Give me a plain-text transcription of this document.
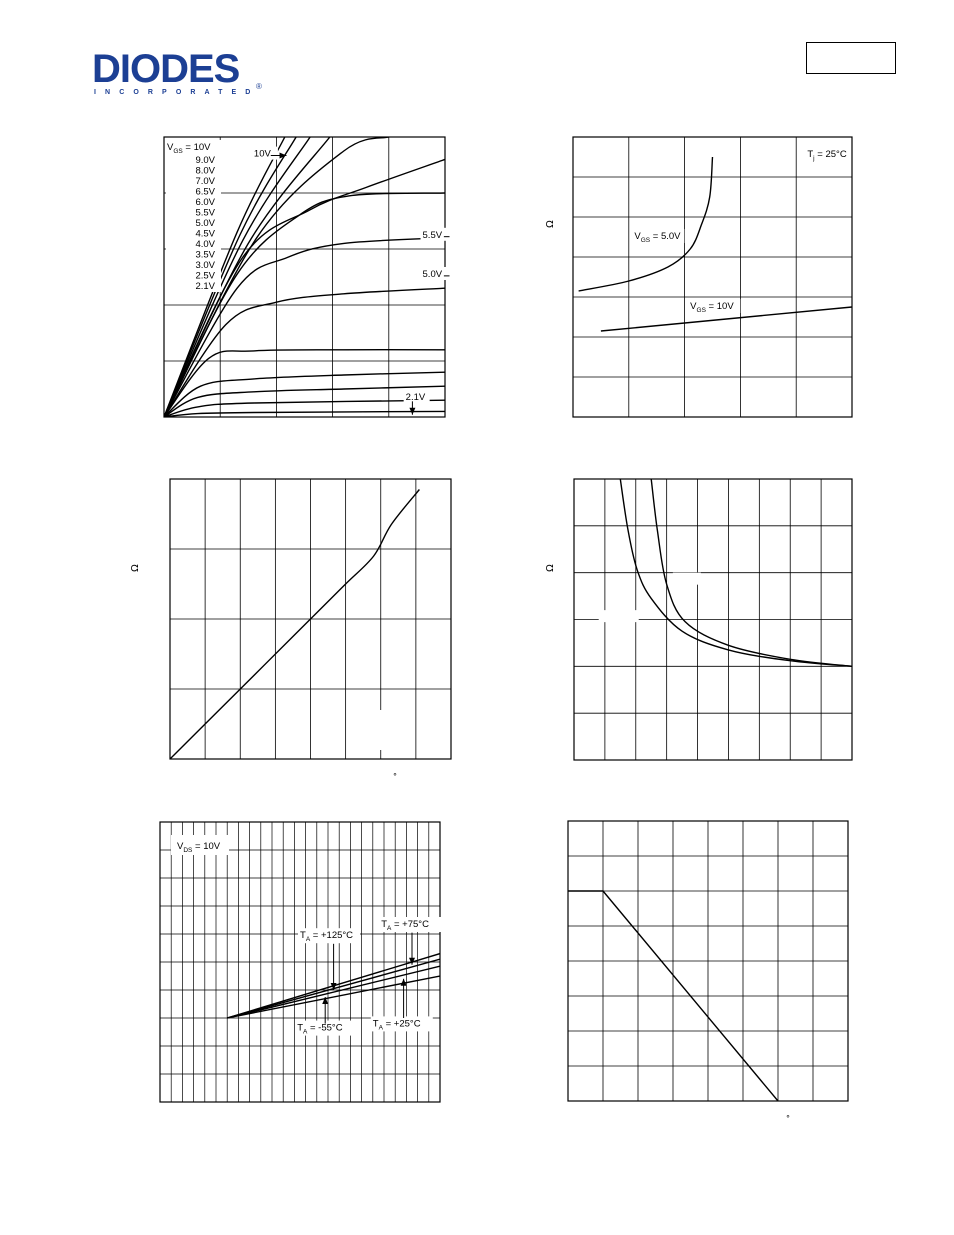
DIODES
INCORPORATED
®
$V_{GS} = 10V$
9.0V
8.0V
7.0V
6.5V
6.0V
5.5V
5.0V
4.5V
4.0V
3.5V
3.0V
2.5V
2.1V
10V
5.5V
5.0V
2.1V
$T_j = 25^\circ C$
$V_{GS} = 5.0V$
$V_{GS} = 10V$
$V_{DS} = 10V$
$T_A = +125^\circ C$
$T_A = +75^\circ C$
$T_A = -55^\circ C$	$T_A = +25^\circ C$
Ω
Ω	Ω
°
°
